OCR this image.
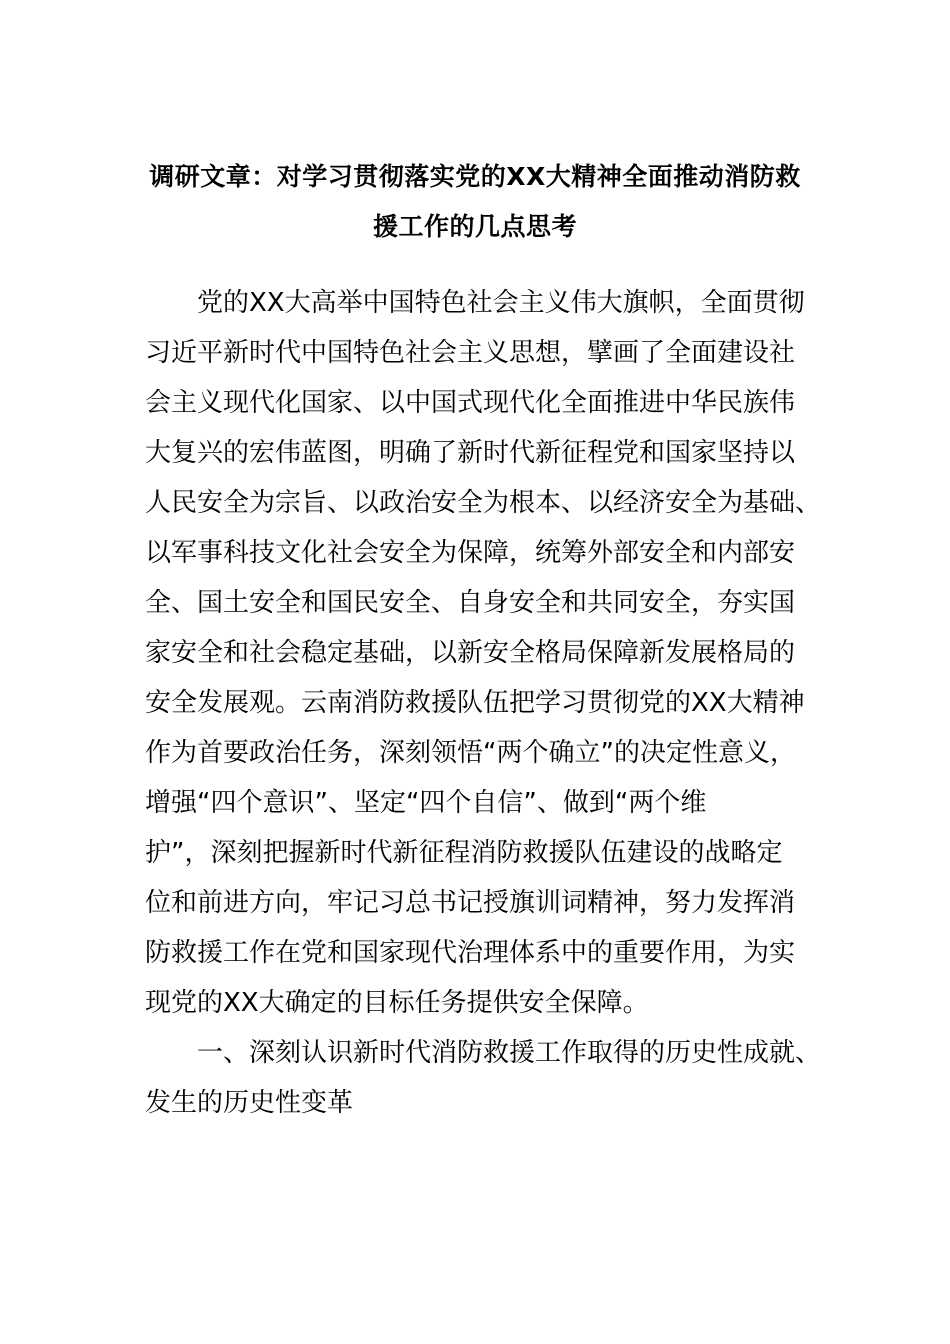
调研文章：对学习贯彻落实党的XX大精神全面推动消防救
援工作的几点思考
党的XX大高举中国特色社会主义伟大旗帜，全面贯彻
习近平新时代中国特色社会主义思想，擘画了全面建设社
会主义现代化国家、以中国式现代化全面推进中华民族伟
大复兴的宏伟蓝图，明确了新时代新征程党和国家坚持以
人民安全为宗旨、以政治安全为根本、以经济安全为基础、
以军事科技文化社会安全为保障，统筹外部安全和内部安
全、国土安全和国民安全、自身安全和共同安全，夯实国
家安全和社会稳定基础，以新安全格局保障新发展格局的
安全发展观。云南消防救援队伍把学习贯彻党的XX大精神
作为首要政治任务，深刻领悟“两个确立”的决定性意义，
增强“四个意识”、坚定“四个自信”、做到“两个维
护”，深刻把握新时代新征程消防救援队伍建设的战略定
位和前进方向，牢记习总书记授旗训词精神，努力发挥消
防救援工作在党和国家现代治理体系中的重要作用，为实
现党的XX大确定的目标任务提供安全保障。
一、深刻认识新时代消防救援工作取得的历史性成就、
发生的历史性变革
